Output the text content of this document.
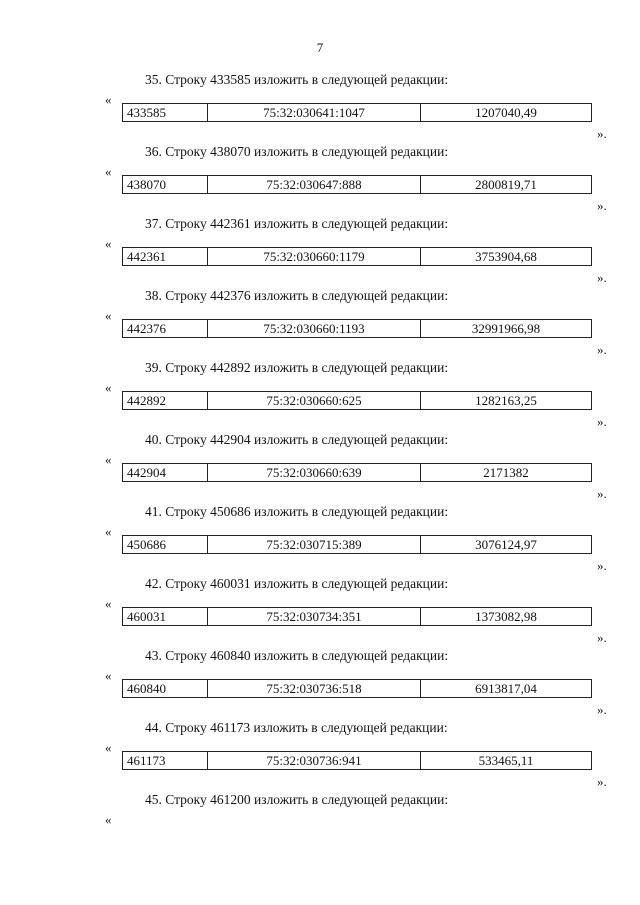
7
35. Строку 433585 изложить в следующей редакции:
«
433585	75:32:030641:1047	1207040,49
».
36. Строку 438070 изложить в следующей редакции:
«
438070	75:32:030647:888	2800819,71
».
37. Строку 442361 изложить в следующей редакции:
«
442361	75:32:030660:1179	3753904,68
».
38. Строку 442376 изложить в следующей редакции:
«
442376	75:32:030660:1193	32991966,98
».
39. Строку 442892 изложить в следующей редакции:
«
442892	75:32:030660:625	1282163,25
».
40. Строку 442904 изложить в следующей редакции:
«
442904	75:32:030660:639	2171382
».
41. Строку 450686 изложить в следующей редакции:
«
450686	75:32:030715:389	3076124,97
».
42. Строку 460031 изложить в следующей редакции:
«
460031	75:32:030734:351	1373082,98
».
43. Строку 460840 изложить в следующей редакции:
«
460840	75:32:030736:518	6913817,04
».
44. Строку 461173 изложить в следующей редакции:
«
461173	75:32:030736:941	533465,11
».
45. Строку 461200 изложить в следующей редакции:
«
